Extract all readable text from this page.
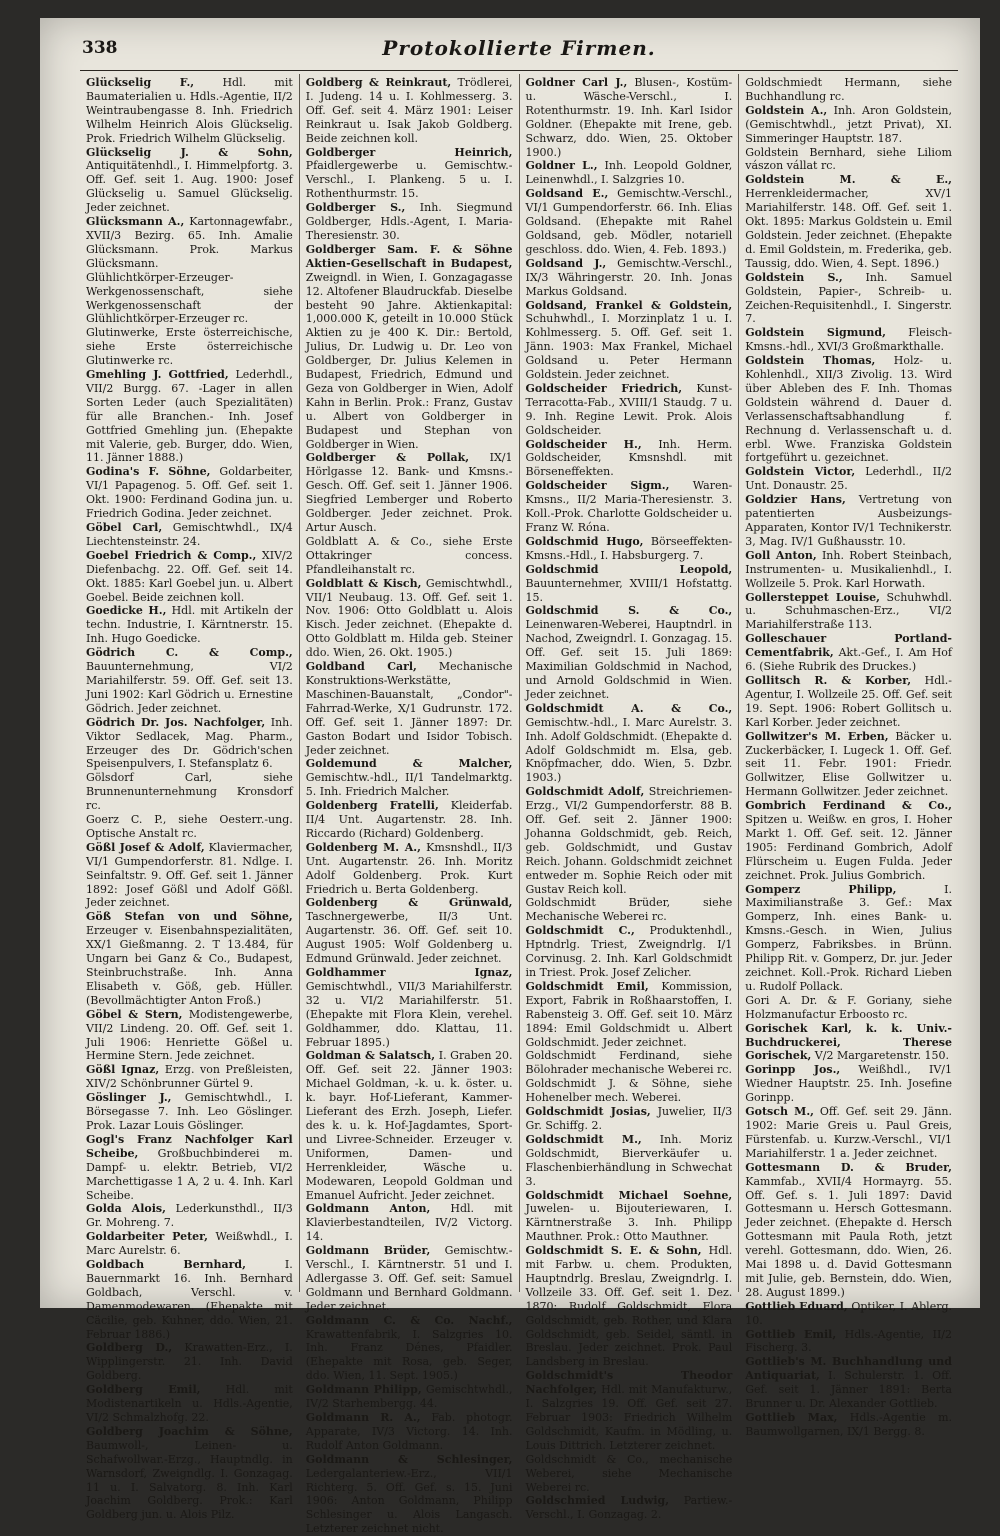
338	Protokollierte Firmen.

Glückselig F.,	Hdl. mit Baumaterialien u. Hdls.-Agentie, II/2 Weintraubengasse 8. Inh. Friedrich Wilhelm Heinrich Alois Glückselig. Prok. Friedrich Wilhelm Glückselig.

Glückselig J. & Sohn, Antiquitätenhdl., I. Himmelpfortg. 3. Off. Gef. seit 1. Aug. 1900: Josef Glückselig u. Samuel Glückselig. Jeder zeichnet.

Glücksmann A., Kartonnagewfabr., XVII/3 Bezirg. 65. Inh. Amalie Glücksmann. Prok. Markus Glücksmann.

Glühlichtkörper-Erzeuger-Werkgenossenschaft, siehe Werkgenossenschaft der Glühlichtkörper-Erzeuger rc.

Glutinwerke, Erste österreichische, siehe Erste österreichische Glutinwerke rc.

Gmehling J. Gottfried, Lederhdl., VII/2 Burgg. 67. -Lager in allen Sorten Leder (auch Spezialitäten) für alle Branchen.- Inh. Josef Gottfried Gmehling jun. (Ehepakte mit Valerie, geb. Burger, ddo. Wien, 11. Jänner 1888.)

Godina's F. Söhne, Goldarbeiter, VI/1 Papagenog. 5. Off. Gef. seit 1. Okt. 1900: Ferdinand Godina jun. u. Friedrich Godina. Jeder zeichnet.

Göbel Carl, Gemischtwhdl., IX/4 Liechtensteinstr. 24.

Goebel Friedrich & Comp., XIV/2 Diefenbachg. 22. Off. Gef. seit 14. Okt. 1885: Karl Goebel jun. u. Albert Goebel. Beide zeichnen koll.

Goedicke H., Hdl. mit Artikeln der techn. Industrie, I. Kärntnerstr. 15. Inh. Hugo Goedicke.

Gödrich C. & Comp., Bauunternehmung, VI/2 Mariahilferstr. 59. Off. Gef. seit 13. Juni 1902: Karl Gödrich u. Ernestine Gödrich. Jeder zeichnet.

Gödrich Dr. Jos. Nachfolger, Inh. Viktor Sedlacek, Mag. Pharm., Erzeuger des Dr. Gödrich'schen Speisenpulvers, I. Stefansplatz 6.

Gölsdorf Carl, siehe Brunnenunternehmung Kronsdorf rc.

Goerz C. P., siehe Oesterr.-ung. Optische Anstalt rc.

Gößl Josef & Adolf, Klaviermacher, VI/1 Gumpendorferstr. 81. Ndlge. I. Seinfaltstr. 9. Off. Gef. seit 1. Jänner 1892: Josef Gößl und Adolf Gößl. Jeder zeichnet.

Göß Stefan von und Söhne, Erzeuger v. Eisenbahnspezialitäten, XX/1 Gießmanng. 2. T 13.484, für Ungarn bei Ganz & Co., Budapest, Steinbruchstraße. Inh. Anna Elisabeth v. Göß, geb. Hüller. (Bevollmächtigter Anton Froß.)

Göbel & Stern, Modistengewerbe, VII/2 Lindeng. 20. Off. Gef. seit 1. Juli 1906: Henriette Gößel u. Hermine Stern. Jede zeichnet.

Gößl Ignaz, Erzg. von Preßleisten, XIV/2 Schönbrunner Gürtel 9.

Göslinger J., Gemischtwhdl., I. Börsegasse 7. Inh. Leo Göslinger. Prok. Lazar Louis Göslinger.

Gogl's Franz Nachfolger Karl Scheibe, Großbuchbinderei m. Dampf- u. elektr. Betrieb, VI/2 Marchettigasse 1 A, 2 u. 4. Inh. Karl Scheibe.

Golda Alois, Lederkunsthdl., II/3 Gr. Mohreng. 7.

Goldarbeiter Peter, Weißwhdl., I. Marc Aurelstr. 6.

Goldbach Bernhard,	I. Bauernmarkt 16. Inh. Bernhard Goldbach, Verschl. v. Damenmodewaren. (Ehepakte mit Cäcilie, geb. Kuhner, ddo. Wien, 21. Februar 1886.)

Goldberg D., Krawatten-Erz., I. Wipplingerstr. 21. Inh. David Goldberg.

Goldberg Emil, Hdl. mit Modistenartikeln u. Hdls.-Agentie, VI/2 Schmalzhofg. 22.

Goldberg Joachim & Söhne, Baumwoll-, Leinen- u. Schafwollwar.-Erzg., Hauptndlg. in Warnsdorf, Zweigndlg. I. Gonzagag. 11 u. I. Salvatorg. 8. Inh. Karl Joachim Goldberg. Prok.: Karl Goldberg jun. u. Alois Pilz.

Goldberg & Reinkraut, Trödlerei, I. Judeng. 14 u. I. Kohlmesserg. 3. Off. Gef. seit 4. März 1901: Leiser Reinkraut u. Isak Jakob Goldberg. Beide zeichnen koll.

Goldberger Heinrich, Pfaidlergewerbe u. Gemischtw.-Verschl., I. Plankeng. 5 u. I. Rothenthurmstr. 15.

Goldberger S., Inh. Siegmund Goldberger, Hdls.-Agent, I. Maria-Theresienstr. 30.

Goldberger Sam. F. & Söhne Aktien-Gesellschaft in Budapest, Zweigndl. in Wien, I. Gonzagagasse 12. Altofener Blaudruckfab. Dieselbe besteht 90 Jahre. Aktienkapital: 1,000.000 K, geteilt in 10.000 Stück Aktien zu je 400 K. Dir.: Bertold, Julius, Dr. Ludwig u. Dr. Leo von Goldberger, Dr. Julius Kelemen in Budapest, Friedrich, Edmund und Geza von Goldberger in Wien, Adolf Kahn in Berlin. Prok.: Franz, Gustav u. Albert von Goldberger in Budapest und Stephan von Goldberger in Wien.

Goldberger & Pollak, IX/1 Hörlgasse 12. Bank- und Kmsns.-Gesch. Off. Gef. seit 1. Jänner 1906. Siegfried Lemberger und Roberto Goldberger. Jeder zeichnet. Prok. Artur Ausch.

Goldblatt A. & Co., siehe Erste Ottakringer concess. Pfandleihanstalt rc.

Goldblatt & Kisch, Gemischtwhdl., VII/1 Neubaug. 13. Off. Gef. seit 1. Nov. 1906: Otto Goldblatt u. Alois Kisch. Jeder zeichnet. (Ehepakte d. Otto Goldblatt m. Hilda geb. Steiner ddo. Wien, 26. Okt. 1905.)

Goldband Carl, Mechanische Konstruktions-Werkstätte, Maschinen-Bauanstalt, „Condor"-Fahrrad-Werke, X/1 Gudrunstr. 172. Off. Gef. seit 1. Jänner 1897: Dr. Gaston Bodart und Isidor Tobisch. Jeder zeichnet.

Goldemund & Malcher, Gemischtw.-hdl., II/1 Tandelmarktg. 5. Inh. Friedrich Malcher.

Goldenberg Fratelli, Kleiderfab. II/4 Unt. Augartenstr. 28. Inh. Riccardo (Richard) Goldenberg.

Goldenberg M. A., Kmsnshdl., II/3 Unt. Augartenstr. 26. Inh. Moritz Adolf Goldenberg. Prok. Kurt Friedrich u. Berta Goldenberg.

Goldenberg & Grünwald, Taschnergewerbe, II/3 Unt. Augartenstr. 36. Off. Gef. seit 10. August 1905: Wolf Goldenberg u. Edmund Grünwald. Jeder zeichnet.

Goldhammer Ignaz, Gemischtwhdl., VII/3 Mariahilferstr. 32 u. VI/2 Mariahilferstr. 51. (Ehepakte mit Flora Klein, verehel. Goldhammer, ddo. Klattau, 11. Februar 1895.)

Goldman & Salatsch, I. Graben 20. Off. Gef. seit 22. Jänner 1903: Michael Goldman, -k. u. k. öster. u. k. bayr. Hof-Lieferant, Kammer-Lieferant des Erzh. Joseph, Liefer. des k. u. k. Hof-Jagdamtes, Sport- und Livree-Schneider. Erzeuger v. Uniformen, Damen- und Herrenkleider, Wäsche u. Modewaren, Leopold Goldman und Emanuel Aufricht. Jeder zeichnet.

Goldmann Anton, Hdl. mit Klavierbestandteilen, IV/2 Victorg. 14.

Goldmann Brüder, Gemischtw.-Verschl., I. Kärntnerstr. 51 und I. Adlergasse 3. Off. Gef. seit: Samuel Goldmann und Bernhard Goldmann. Jeder zeichnet.

Goldmann C. & Co. Nachf., Krawattenfabrik, I. Salzgries 10. Inh. Franz Dénes, Pfaidler. (Ehepakte mit Rosa, geb. Seger, ddo. Wien, 11. Sept. 1905.)

Goldmann Philipp, Gemischtwhdl., IV/2 Starhembergg. 44.

Goldmann R. A., Fab. photogr. Apparate, IV/3 Victorg. 14. Inh. Rudolf Anton Goldmann.

Goldmann & Schlesinger, Ledergalanteriew.-Erz., VII/1 Richterg. 5. Off. Gef. s. 15. Juni 1906: Anton Goldmann, Philipp Schlesinger u. Alois Langasch. Letzterer zeichnet nicht.

Goldner Carl J., Blusen-, Kostüm- u. Wäsche-Verschl., I. Rotenthurmstr. 19. Inh. Karl Isidor Goldner. (Ehepakte mit Irene, geb. Schwarz, ddo. Wien, 25. Oktober 1900.)

Goldner L., Inh. Leopold Goldner, Leinenwhdl., I. Salzgries 10.

Goldsand E., Gemischtw.-Verschl., VI/1 Gumpendorferstr. 66. Inh. Elias Goldsand. (Ehepakte mit Rahel Goldsand, geb. Mödler, notariell geschloss. ddo. Wien, 4. Feb. 1893.)

Goldsand J., Gemischtw.-Verschl., IX/3 Währingerstr. 20. Inh. Jonas Markus Goldsand.

Goldsand, Frankel & Goldstein, Schuhwhdl., I. Morzinplatz 1 u. I. Kohlmesserg. 5. Off. Gef. seit 1. Jänn. 1903: Max Frankel, Michael Goldsand u. Peter Hermann Goldstein. Jeder zeichnet.

Goldscheider Friedrich, Kunst-Terracotta-Fab., XVIII/1 Staudg. 7 u. 9. Inh. Regine Lewit. Prok. Alois Goldscheider.

Goldscheider H., Inh. Herm. Goldscheider, Kmsnshdl. mit Börseneffekten.

Goldscheider Sigm., Waren-Kmsns., II/2 Maria-Theresienstr. 3. Koll.-Prok. Charlotte Goldscheider u. Franz W. Róna.

Goldschmid Hugo, Börseeffekten-Kmsns.-Hdl., I. Habsburgerg. 7.

Goldschmid Leopold, Bauunternehmer, XVIII/1 Hofstattg. 15.

Goldschmid S. & Co., Leinenwaren-Weberei, Hauptndrl. in Nachod, Zweigndrl. I. Gonzagag. 15. Off. Gef. seit 15. Juli 1869: Maximilian Goldschmid in Nachod, und Arnold Goldschmid in Wien. Jeder zeichnet.

Goldschmidt A. & Co., Gemischtw.-hdl., I. Marc Aurelstr. 3. Inh. Adolf Goldschmidt. (Ehepakte d. Adolf Goldschmidt m. Elsa, geb. Knöpfmacher, ddo. Wien, 5. Dzbr. 1903.)

Goldschmidt Adolf, Streichriemen-Erzg., VI/2 Gumpendorferstr. 88 B. Off. Gef. seit 2. Jänner 1900: Johanna Goldschmidt, geb. Reich, geb. Goldschmidt, und Gustav Reich. Johann. Goldschmidt zeichnet entweder m. Sophie Reich oder mit Gustav Reich koll.

Goldschmidt Brüder, siehe Mechanische Weberei rc.

Goldschmidt C., Produktenhdl., Hptndrlg. Triest, Zweigndrlg. I/1 Corvinusg. 2. Inh. Karl Goldschmidt in Triest. Prok. Josef Zelicher.

Goldschmidt Emil, Kommission, Export, Fabrik in Roßhaarstoffen, I. Rabensteig 3. Off. Gef. seit 10. März 1894: Emil Goldschmidt u. Albert Goldschmidt. Jeder zeichnet.

Goldschmidt Ferdinand, siehe Bölohrader mechanische Weberei rc.

Goldschmidt J. & Söhne, siehe Hohenelber mech. Weberei.

Goldschmidt Josias, Juwelier, II/3 Gr. Schiffg. 2.

Goldschmidt M., Inh. Moriz Goldschmidt, Bierverkäufer u. Flaschenbierhändlung in Schwechat 3.

Goldschmidt Michael Soehne, Juwelen- u. Bijouteriewaren, I. Kärntnerstraße 3. Inh. Philipp Mauthner. Prok.: Otto Mauthner.

Goldschmidt S. E. & Sohn, Hdl. mit Farbw. u. chem. Produkten, Hauptndrlg. Breslau, Zweigndrlg. I. Vollzeile 33. Off. Gef. seit 1. Dez. 1870: Rudolf Goldschmidt, Flora Goldschmidt, geb. Rother, und Klara Goldschmidt, geb. Seidel, sämtl. in Breslau. Jeder zeichnet. Prok. Paul Landsberg in Breslau.

Goldschmidt's Theodor Nachfolger, Hdl. mit Manufakturw., I. Salzgries 19. Off. Gef. seit 27. Februar 1903: Friedrich Wilhelm Goldschmidt, Kaufm. in Mödling, u. Louis Dittrich. Letzterer zeichnet.

Goldschmidt & Co., mechanische Weberei, siehe Mechanische Weberei rc.

Goldschmied Ludwig, Partiew.-Verschl., I. Gonzagag. 2.

Goldschmiedt Hermann, siehe Buchhandlung rc.

Goldstein A., Inh. Aron Goldstein, (Gemischtwhdl., jetzt Privat), XI. Simmeringer Hauptstr. 187.

Goldstein Bernhard, siehe Liliom vászon vállat rc.

Goldstein M. & E., Herrenkleidermacher, XV/1 Mariahilferstr. 148. Off. Gef. seit 1. Okt. 1895: Markus Goldstein u. Emil Goldstein. Jeder zeichnet. (Ehepakte d. Emil Goldstein, m. Frederika, geb. Taussig, ddo. Wien, 4. Sept. 1896.)

Goldstein S., Inh. Samuel Goldstein, Papier-, Schreib- u. Zeichen-Requisitenhdl., I. Singerstr. 7.

Goldstein Sigmund, Fleisch-Kmsns.-hdl., XVI/3 Großmarkthalle.

Goldstein Thomas, Holz- u. Kohlenhdl., XII/3 Zivolig. 13. Wird über Ableben des F. Inh. Thomas Goldstein während d. Dauer d. Verlassenschaftsabhandlung f. Rechnung d. Verlassenschaft u. d. erbl. Wwe. Franziska Goldstein fortgeführt u. gezeichnet.

Goldstein Victor, Lederhdl., II/2 Unt. Donaustr. 25.

Goldzier Hans, Vertretung von patentierten Ausbeizungs-Apparaten, Kontor IV/1 Technikerstr. 3, Mag. IV/1 Gußhausstr. 10.

Goll Anton, Inh. Robert Steinbach, Instrumenten- u. Musikalienhdl., I. Wollzeile 5. Prok. Karl Horwath.

Gollersteppet Louise, Schuhwhdl. u. Schuhmaschen-Erz., VI/2 Mariahilferstraße 113.

Golleschauer Portland-Cementfabrik, Akt.-Gef., I. Am Hof 6. (Siehe Rubrik des Druckes.)

Gollitsch R. & Korber, Hdl.-Agentur, I. Wollzeile 25. Off. Gef. seit 19. Sept. 1906: Robert Gollitsch u. Karl Korber. Jeder zeichnet.

Gollwitzer's M. Erben, Bäcker u. Zuckerbäcker, I. Lugeck 1. Off. Gef. seit 11. Febr. 1901: Friedr. Gollwitzer, Elise Gollwitzer u. Hermann Gollwitzer. Jeder zeichnet.

Gombrich Ferdinand & Co., Spitzen u. Weißw. en gros, I. Hoher Markt 1. Off. Gef. seit. 12. Jänner 1905: Ferdinand Gombrich, Adolf Flürscheim u. Eugen Fulda. Jeder zeichnet. Prok. Julius Gombrich.

Gomperz Philipp,	I. Maximilianstraße 3. Gef.: Max Gomperz, Inh. eines Bank- u. Kmsns.-Gesch. in Wien, Julius Gomperz, Fabriksbes. in Brünn. Philipp Rit. v. Gomperz, Dr. jur. Jeder zeichnet. Koll.-Prok. Richard Lieben u. Rudolf Pollack.

Gori A. Dr. & F. Goriany, siehe Holzmanufactur Erboosto rc.

Gorischek Karl, k. k. Univ.-Buchdruckerei, Therese Gorischek, V/2 Margaretenstr. 150.

Gorinpp Jos., Weißhdl., IV/1 Wiedner Hauptstr. 25. Inh. Josefine Gorinpp.

Gotsch M., Off. Gef. seit 29. Jänn. 1902: Marie Greis u. Paul Greis, Fürstenfab. u. Kurzw.-Verschl., VI/1 Mariahilferstr. 1 a. Jeder zeichnet.

Gottesmann D. & Bruder, Kammfab., XVII/4 Hormayrg. 55. Off. Gef. s. 1. Juli 1897: David Gottesmann u. Hersch Gottesmann. Jeder zeichnet. (Ehepakte d. Hersch Gottesmann mit Paula Roth, jetzt verehl. Gottesmann, ddo. Wien, 26. Mai 1898 u. d. David Gottesmann mit Julie, geb. Bernstein, ddo. Wien, 28. August 1899.)

Gottlieb Eduard, Optiker, I. Ablerg. 10.

Gottlieb Emil, Hdls.-Agentie, II/2 Fischerg. 3.

Gottlieb's M. Buchhandlung und Antiquariat, I. Schulerstr. 1. Off. Gef. seit 1. Jänner 1891: Berta Brunner u. Dr. Alexander Gottlieb.

Gottlieb Max, Hdls.-Agentie m. Baumwollgarnen, IX/1 Bergg. 8.
